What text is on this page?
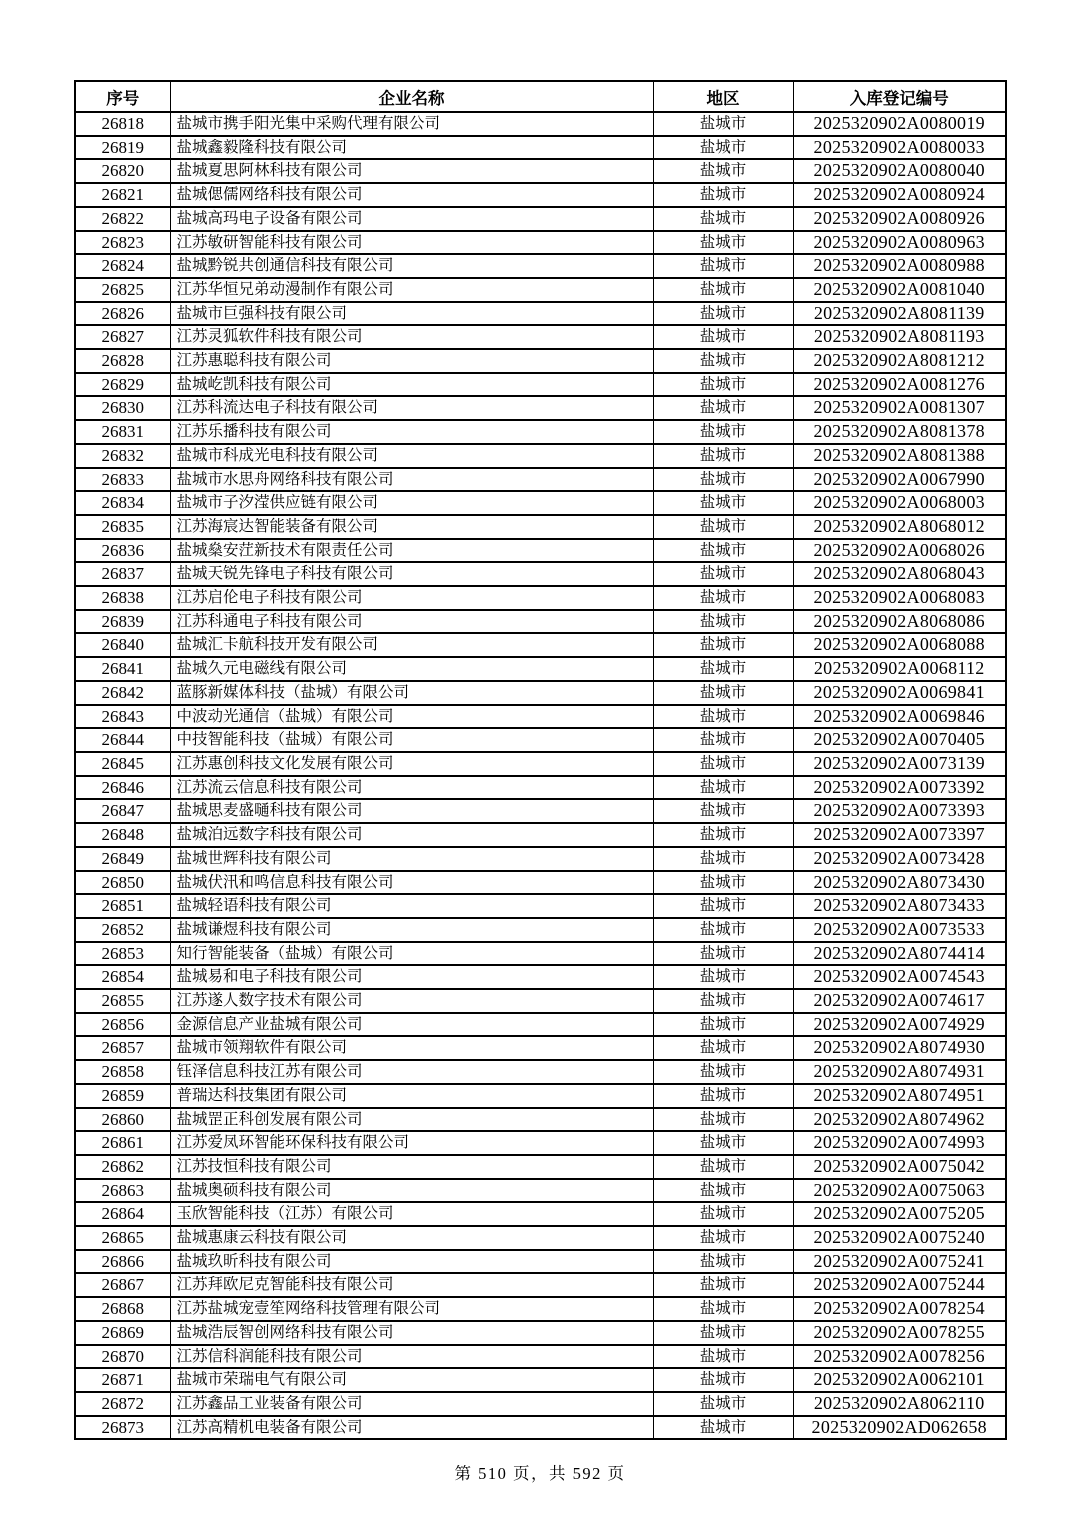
序号	企业名称	地区	入库登记编号
26818	盐城市携手阳光集中采购代理有限公司	盐城市	2025320902A0080019
26819	盐城鑫毅隆科技有限公司	盐城市	2025320902A0080033
26820	盐城夏思阿林科技有限公司	盐城市	2025320902A0080040
26821	盐城偲儒网络科技有限公司	盐城市	2025320902A0080924
26822	盐城高玛电子设备有限公司	盐城市	2025320902A0080926
26823	江苏敏研智能科技有限公司	盐城市	2025320902A0080963
26824	盐城黔锐共创通信科技有限公司	盐城市	2025320902A0080988
26825	江苏华恒兄弟动漫制作有限公司	盐城市	2025320902A0081040
26826	盐城市巨强科技有限公司	盐城市	2025320902A8081139
26827	江苏灵狐软件科技有限公司	盐城市	2025320902A8081193
26828	江苏惠聪科技有限公司	盐城市	2025320902A8081212
26829	盐城屹凯科技有限公司	盐城市	2025320902A0081276
26830	江苏科流达电子科技有限公司	盐城市	2025320902A0081307
26831	江苏乐播科技有限公司	盐城市	2025320902A8081378
26832	盐城市科成光电科技有限公司	盐城市	2025320902A8081388
26833	盐城市水思舟网络科技有限公司	盐城市	2025320902A0067990
26834	盐城市子汐滢供应链有限公司	盐城市	2025320902A0068003
26835	江苏海宸达智能装备有限公司	盐城市	2025320902A8068012
26836	盐城燊安茳新技术有限责任公司	盐城市	2025320902A0068026
26837	盐城天锐先锋电子科技有限公司	盐城市	2025320902A8068043
26838	江苏启伦电子科技有限公司	盐城市	2025320902A0068083
26839	江苏科通电子科技有限公司	盐城市	2025320902A8068086
26840	盐城汇卡航科技开发有限公司	盐城市	2025320902A0068088
26841	盐城久元电磁线有限公司	盐城市	2025320902A0068112
26842	蓝豚新媒体科技（盐城）有限公司	盐城市	2025320902A0069841
26843	中波动光通信（盐城）有限公司	盐城市	2025320902A0069846
26844	中技智能科技（盐城）有限公司	盐城市	2025320902A0070405
26845	江苏惠创科技文化发展有限公司	盐城市	2025320902A0073139
26846	江苏流云信息科技有限公司	盐城市	2025320902A0073392
26847	盐城思麦盛嗵科技有限公司	盐城市	2025320902A0073393
26848	盐城泊远数字科技有限公司	盐城市	2025320902A0073397
26849	盐城世辉科技有限公司	盐城市	2025320902A0073428
26850	盐城伏汛和鸣信息科技有限公司	盐城市	2025320902A8073430
26851	盐城轻语科技有限公司	盐城市	2025320902A8073433
26852	盐城谦煜科技有限公司	盐城市	2025320902A0073533
26853	知行智能装备（盐城）有限公司	盐城市	2025320902A8074414
26854	盐城易和电子科技有限公司	盐城市	2025320902A0074543
26855	江苏遂人数字技术有限公司	盐城市	2025320902A0074617
26856	金源信息产业盐城有限公司	盐城市	2025320902A0074929
26857	盐城市领翔软件有限公司	盐城市	2025320902A8074930
26858	钰泽信息科技江苏有限公司	盐城市	2025320902A8074931
26859	普瑞达科技集团有限公司	盐城市	2025320902A8074951
26860	盐城罡正科创发展有限公司	盐城市	2025320902A8074962
26861	江苏爱凤环智能环保科技有限公司	盐城市	2025320902A0074993
26862	江苏技恒科技有限公司	盐城市	2025320902A0075042
26863	盐城奥硕科技有限公司	盐城市	2025320902A0075063
26864	玉欣智能科技（江苏）有限公司	盐城市	2025320902A0075205
26865	盐城惠康云科技有限公司	盐城市	2025320902A0075240
26866	盐城玖昕科技有限公司	盐城市	2025320902A0075241
26867	江苏拜欧尼克智能科技有限公司	盐城市	2025320902A0075244
26868	江苏盐城宠壹笙网络科技管理有限公司	盐城市	2025320902A0078254
26869	盐城浩辰智创网络科技有限公司	盐城市	2025320902A0078255
26870	江苏信科润能科技有限公司	盐城市	2025320902A0078256
26871	盐城市荣瑞电气有限公司	盐城市	2025320902A0062101
26872	江苏鑫品工业装备有限公司	盐城市	2025320902A8062110
26873	江苏高精机电装备有限公司	盐城市	2025320902AD062658
第 510 页，共 592 页
